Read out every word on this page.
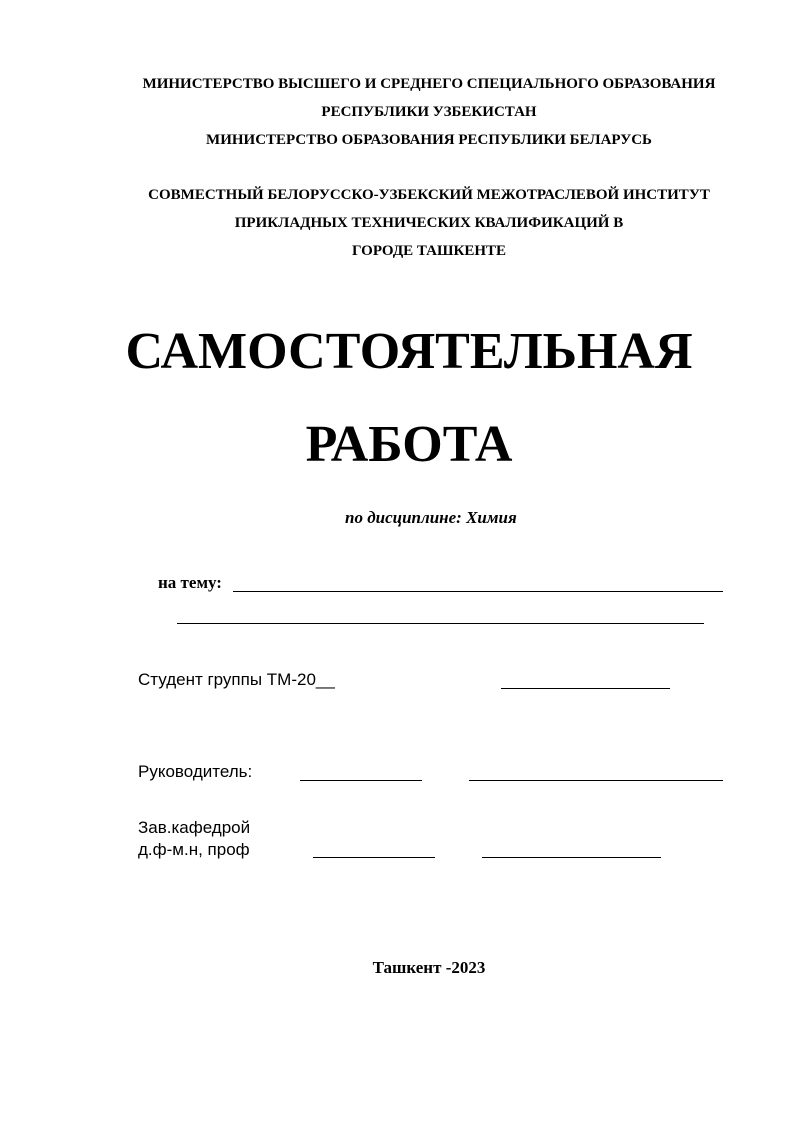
МИНИСТЕРСТВО ВЫСШЕГО И СРЕДНЕГО СПЕЦИАЛЬНОГО ОБРАЗОВАНИЯ
РЕСПУБЛИКИ УЗБЕКИСТАН
МИНИСТЕРСТВО ОБРАЗОВАНИЯ РЕСПУБЛИКИ БЕЛАРУСЬ
СОВМЕСТНЫЙ БЕЛОРУССКО-УЗБЕКСКИЙ МЕЖОТРАСЛЕВОЙ ИНСТИТУТ
ПРИКЛАДНЫХ ТЕХНИЧЕСКИХ КВАЛИФИКАЦИЙ В
ГОРОДЕ ТАШКЕНТЕ
САМОСТОЯТЕЛЬНАЯ
РАБОТА
по дисциплине: Химия
на тему:
Студент группы ТМ-20__
Руководитель:
Зав.кафедрой
д.ф-м.н, проф
Ташкент -2023
